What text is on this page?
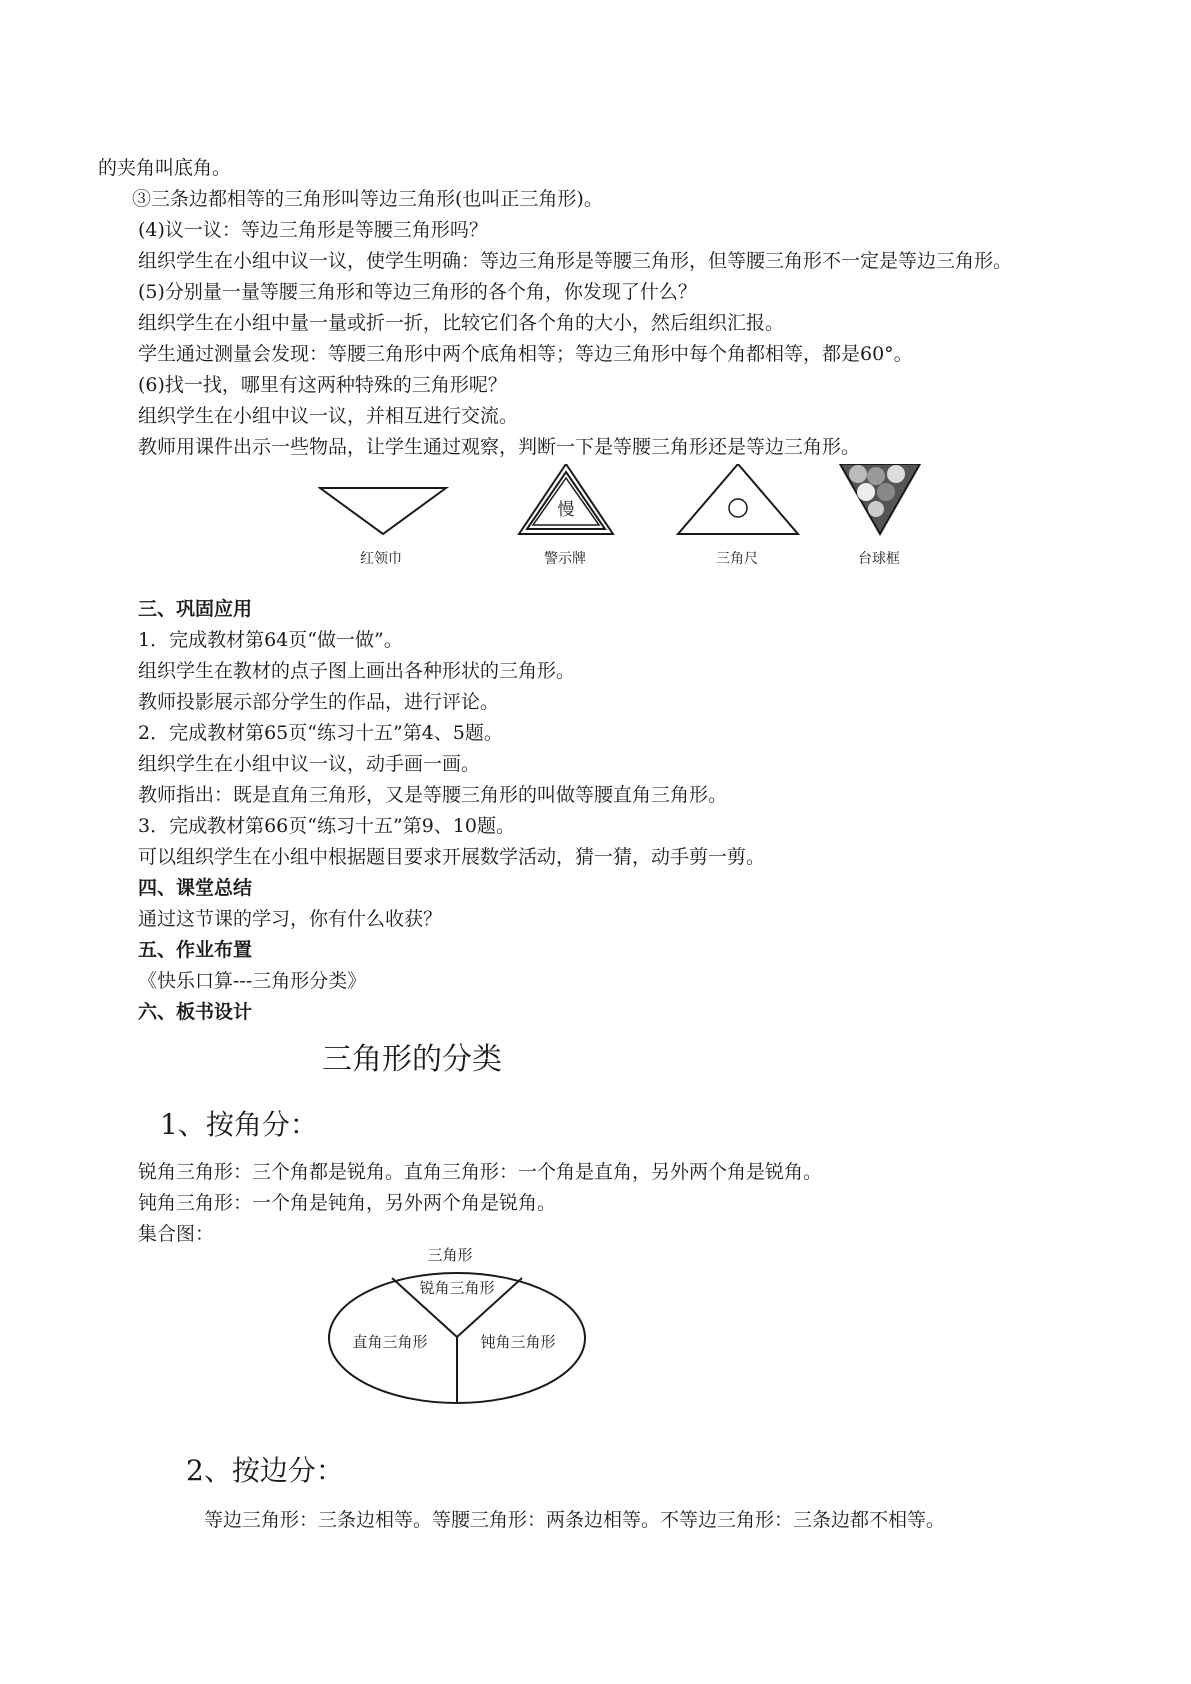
的夹角叫底角。
③三条边都相等的三角形叫等边三角形(也叫正三角形)。
(4)议一议：等边三角形是等腰三角形吗？
组织学生在小组中议一议，使学生明确：等边三角形是等腰三角形，但等腰三角形不一定是等边三角形。
(5)分别量一量等腰三角形和等边三角形的各个角，你发现了什么？
组织学生在小组中量一量或折一折，比较它们各个角的大小，然后组织汇报。
学生通过测量会发现：等腰三角形中两个底角相等；等边三角形中每个角都相等，都是60°。
(6)找一找，哪里有这两种特殊的三角形呢？
组织学生在小组中议一议，并相互进行交流。
教师用课件出示一些物品，让学生通过观察，判断一下是等腰三角形还是等边三角形。
慢
红领巾	警示牌	三角尺	台球框
三、巩固应用
1．完成教材第64页“做一做”。
组织学生在教材的点子图上画出各种形状的三角形。
教师投影展示部分学生的作品，进行评论。
2．完成教材第65页“练习十五”第4、5题。
组织学生在小组中议一议，动手画一画。
教师指出：既是直角三角形，又是等腰三角形的叫做等腰直角三角形。
3．完成教材第66页“练习十五”第9、10题。
可以组织学生在小组中根据题目要求开展数学活动，猜一猜，动手剪一剪。
四、课堂总结
通过这节课的学习，你有什么收获？
五、作业布置
《快乐口算---三角形分类》
六、板书设计
三角形的分类
1、按角分：
锐角三角形：三个角都是锐角。直角三角形：一个角是直角，另外两个角是锐角。
钝角三角形：一个角是钝角，另外两个角是锐角。
集合图：
三角形
锐角三角形
直角三角形	钝角三角形
2、按边分：
等边三角形：三条边相等。等腰三角形：两条边相等。不等边三角形：三条边都不相等。
